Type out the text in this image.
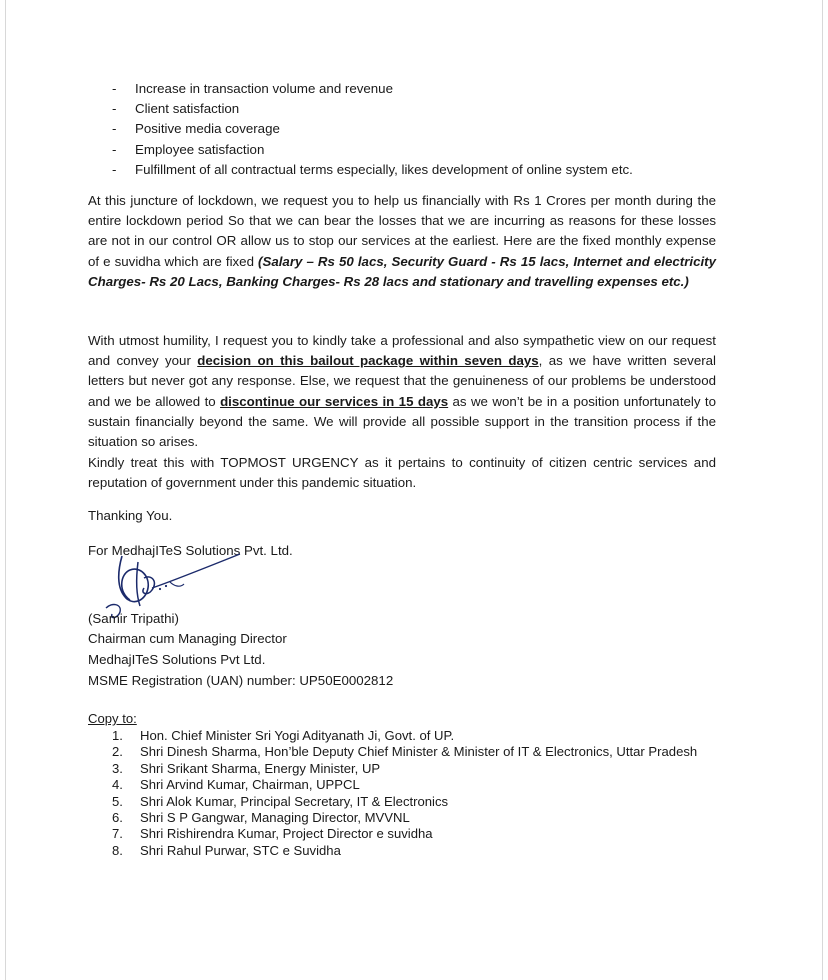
- Increase in transaction volume and revenue
- Client satisfaction
- Positive media coverage
- Employee satisfaction
- Fulfillment of all contractual terms especially, likes development of online system etc.

At this juncture of lockdown, we request you to help us financially with Rs 1 Crores per month during the entire lockdown period So that we can bear the losses that we are incurring as reasons for these losses are not in our control OR allow us to stop our services at the earliest. Here are the fixed monthly expense of e suvidha which are fixed (Salary – Rs 50 lacs, Security Guard - Rs 15 lacs, Internet and electricity Charges- Rs 20 Lacs, Banking Charges- Rs 28 lacs and stationary and travelling expenses etc.)

With utmost humility, I request you to kindly take a professional and also sympathetic view on our request and convey your decision on this bailout package within seven days, as we have written several letters but never got any response. Else, we request that the genuineness of our problems be understood and we be allowed to discontinue our services in 15 days as we won’t be in a position unfortunately to sustain financially beyond the same. We will provide all possible support in the transition process if the situation so arises.

Kindly treat this with TOPMOST URGENCY as it pertains to continuity of citizen centric services and reputation of government under this pandemic situation.

Thanking You.
For MedhajITeS Solutions Pvt. Ltd.
(Samir Tripathi)
Chairman cum Managing Director
MedhajITeS Solutions Pvt Ltd.
MSME Registration (UAN) number: UP50E0002812
Copy to:
1. Hon. Chief Minister Sri Yogi Adityanath Ji, Govt. of UP.
2. Shri Dinesh Sharma, Hon’ble Deputy Chief Minister & Minister of IT & Electronics, Uttar Pradesh
3. Shri Srikant Sharma, Energy Minister, UP
4. Shri Arvind Kumar, Chairman, UPPCL
5. Shri Alok Kumar, Principal Secretary, IT & Electronics
6. Shri S P Gangwar, Managing Director, MVVNL
7. Shri Rishirendra Kumar, Project Director e suvidha
8. Shri Rahul Purwar, STC e Suvidha
